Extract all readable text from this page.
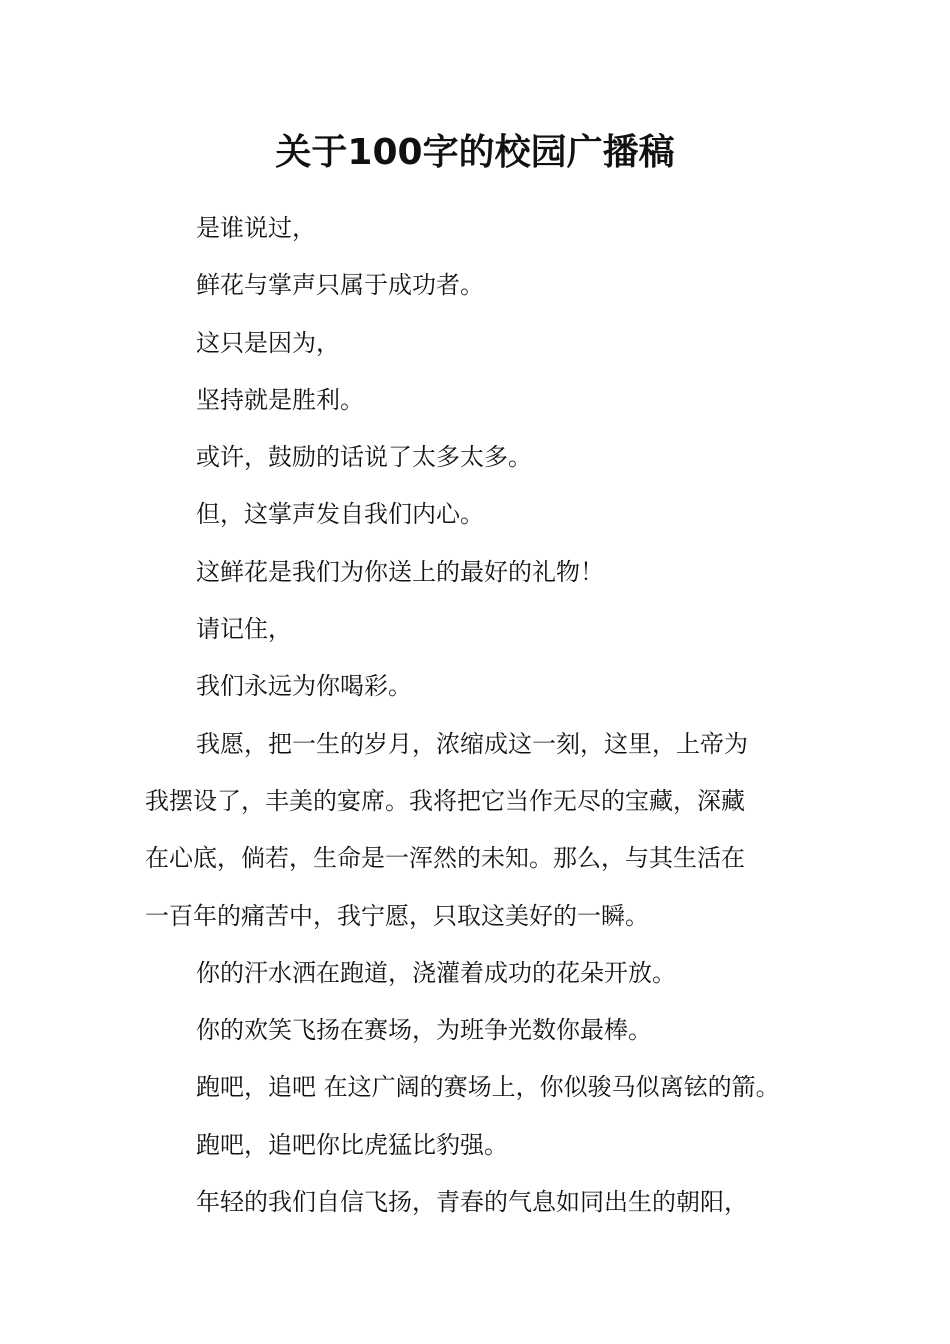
关于100字的校园广播稿
是谁说过，
鲜花与掌声只属于成功者。
这只是因为，
坚持就是胜利。
或许，鼓励的话说了太多太多。
但，这掌声发自我们内心。
这鲜花是我们为你送上的最好的礼物！
请记住，
我们永远为你喝彩。
我愿，把一生的岁月，浓缩成这一刻，这里，上帝为
我摆设了，丰美的宴席。我将把它当作无尽的宝藏，深藏
在心底，倘若，生命是一浑然的未知。那么，与其生活在
一百年的痛苦中，我宁愿，只取这美好的一瞬。
你的汗水洒在跑道，浇灌着成功的花朵开放。
你的欢笑飞扬在赛场，为班争光数你最棒。
跑吧，追吧 在这广阔的赛场上，你似骏马似离铉的箭。
跑吧，追吧你比虎猛比豹强。
年轻的我们自信飞扬，青春的气息如同出生的朝阳，
